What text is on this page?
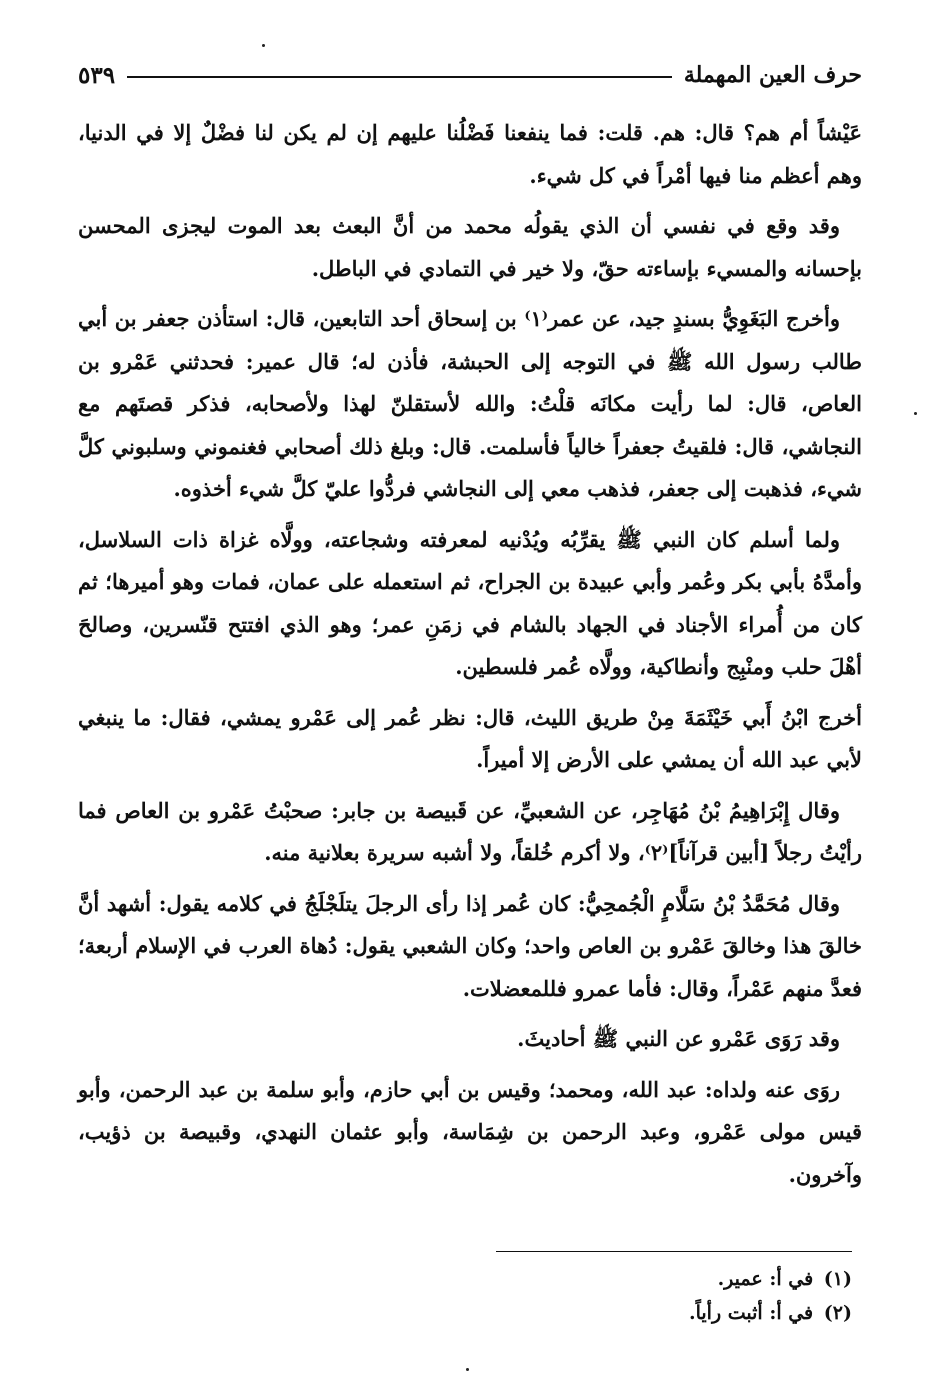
حرف العين المهملة
٥٣٩

عَيْشاً أم هم؟ قال: هم. قلت: فما ينفعنا فَضْلُنا عليهم إن لم يكن لنا فضْلٌ إلا في الدنيا، وهم أعظم منا فيها أمْراً في كل شيء.

وقد وقع في نفسي أن الذي يقولُه محمد من أنَّ البعث بعد الموت ليجزى المحسن بإحسانه والمسيء بإساءته حقّ، ولا خير في التمادي في الباطل.

وأخرج البَغَوِيُّ بسندٍ جيد، عن عمر⁽١⁾ بن إسحاق أحد التابعين، قال: استأذن جعفر بن أبي طالب رسول الله ﷺ في التوجه إلى الحبشة، فأذن له؛ قال عمير: فحدثني عَمْرو بن العاص، قال: لما رأيت مكانَه قلْتُ: والله لأستقلنّ لهذا ولأصحابه، فذكر قصتَهم مع النجاشي، قال: فلقيتُ جعفراً خالياً فأسلمت. قال: وبلغ ذلك أصحابي فغنموني وسلبوني كلَّ شيء، فذهبت إلى جعفر، فذهب معي إلى النجاشي فردُّوا عليّ كلَّ شيء أخذوه.

ولما أسلم كان النبي ﷺ يقرِّبُه ويُدْنيه لمعرفته وشجاعته، وولَّاه غزاة ذات السلاسل، وأمدَّهُ بأبي بكر وعُمر وأبي عبيدة بن الجراح، ثم استعمله على عمان، فمات وهو أميرها؛ ثم كان من أُمراء الأجناد في الجهاد بالشام في زمَنِ عمر؛ وهو الذي افتتح قنّسرين، وصالحَ أهْلَ حلب ومنْبِج وأنطاكية، وولَّاه عُمر فلسطين.

أخرج ابْنُ أَبي خَيْثَمَةَ مِنْ طريق الليث، قال: نظر عُمر إلى عَمْرو يمشي، فقال: ما ينبغي لأبي عبد الله أن يمشي على الأرض إلا أميراً.

وقال إِبْرَاهِيمُ بْنُ مُهَاجِر، عن الشعبيِّ، عن قَبيصة بن جابر: صحبْتُ عَمْرو بن العاص فما رأيْتُ رجلاً [أبين قرآناً]⁽٢⁾، ولا أكرم خُلقاً، ولا أشبه سريرة بعلانية منه.

وقال مُحَمَّدُ بْنُ سَلَّامٍ الْجُمحِيُّ: كان عُمر إذا رأى الرجلَ يتلَجْلَجُ في كلامه يقول: أشهد أنَّ خالقَ هذا وخالقَ عَمْرو بن العاص واحد؛ وكان الشعبي يقول: دُهاة العرب في الإسلام أربعة؛ فعدَّ منهم عَمْراً، وقال: فأما عمرو فللمعضلات.

وقد رَوَى عَمْرو عن النبي ﷺ أحاديثَ.

روَى عنه ولداه: عبد الله، ومحمد؛ وقيس بن أبي حازم، وأبو سلمة بن عبد الرحمن، وأبو قيس مولى عَمْرو، وعبد الرحمن بن شِمَاسة، وأبو عثمان النهدي، وقبيصة بن ذؤيب، وآخرون.

(١) في أ: عمير.

(٢) في أ: أثبت رأياً.
